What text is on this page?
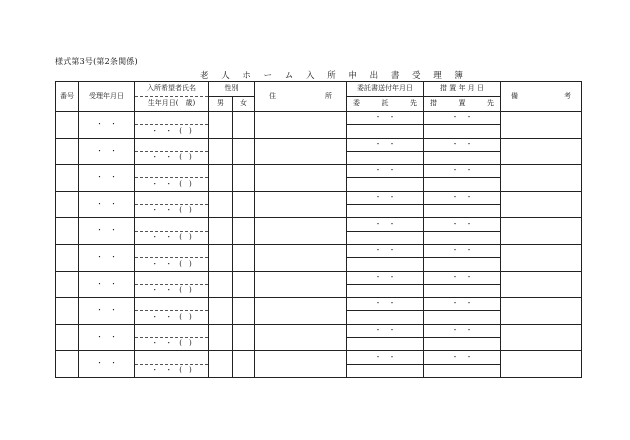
様式第3号(第2条関係)
老 人 ホ ー ム 入 所 申 出 書 受 理 簿
番号	受理年月日	入所希望者氏名	性別		住 所	委託書送付年月日	措 置 年 月 日	備 考

		生年月日(　歳)	男	女		委 託 先	措 置 先	

	・　・					・　・	・　・	
		・　・　(　)						
	・　・					・　・	・　・	
		・　・　(　)						
	・　・					・　・	・　・	
		・　・　(　)						
	・　・					・　・	・　・	
		・　・　(　)						
	・　・					・　・	・　・	
		・　・　(　)						
	・　・					・　・	・　・	
		・　・　(　)						
	・　・					・　・	・　・	
		・　・　(　)						
	・　・					・　・	・　・	
		・　・　(　)						
	・　・					・　・	・　・	
		・　・　(　)						
	・　・					・　・	・　・	
		・　・　(　)						
